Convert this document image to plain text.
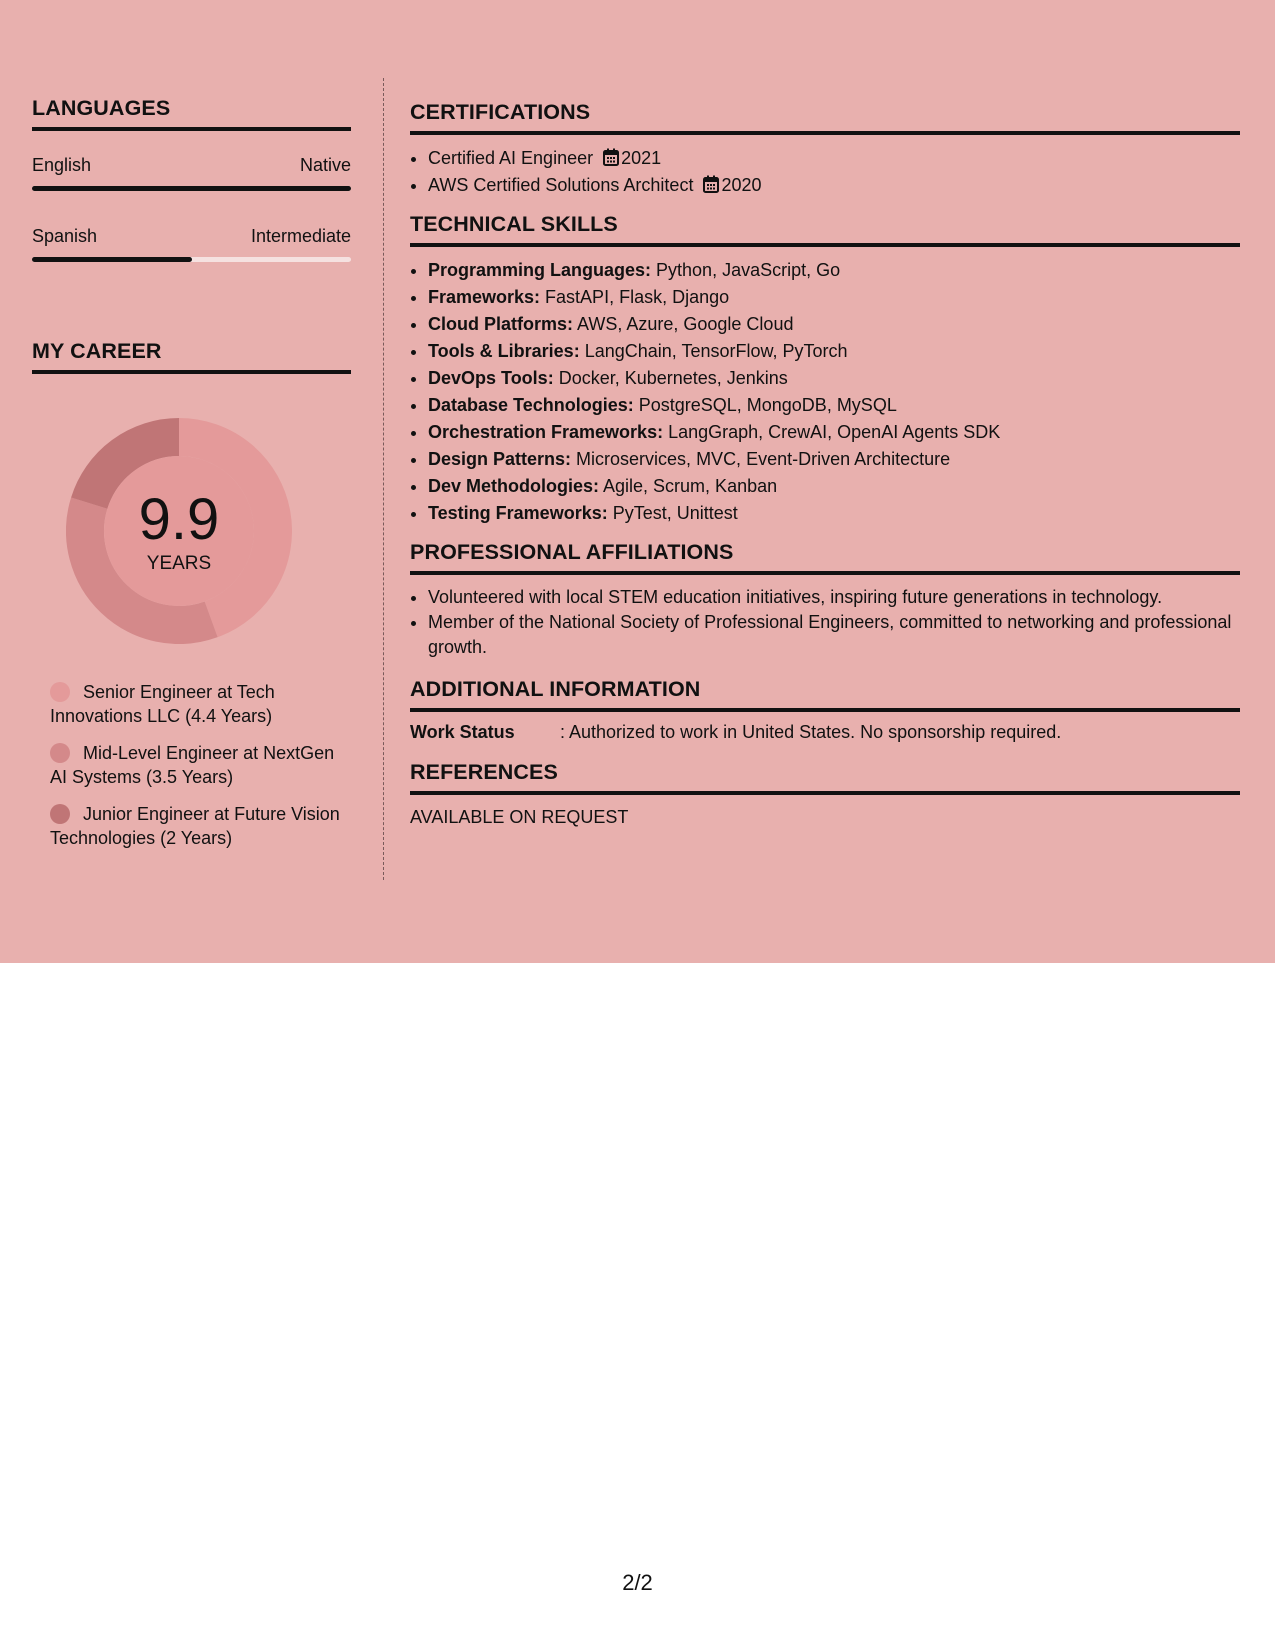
LANGUAGES
English	Native
Spanish	Intermediate
MY CAREER
9.9
YEARS
Senior Engineer at Tech Innovations LLC (4.4 Years)
Mid-Level Engineer at NextGen AI Systems (3.5 Years)
Junior Engineer at Future Vision Technologies (2 Years)
CERTIFICATIONS
• Certified AI Engineer 2021
• AWS Certified Solutions Architect 2020
TECHNICAL SKILLS
• Programming Languages: Python, JavaScript, Go
• Frameworks: FastAPI, Flask, Django
• Cloud Platforms: AWS, Azure, Google Cloud
• Tools & Libraries: LangChain, TensorFlow, PyTorch
• DevOps Tools: Docker, Kubernetes, Jenkins
• Database Technologies: PostgreSQL, MongoDB, MySQL
• Orchestration Frameworks: LangGraph, CrewAI, OpenAI Agents SDK
• Design Patterns: Microservices, MVC, Event-Driven Architecture
• Dev Methodologies: Agile, Scrum, Kanban
• Testing Frameworks: PyTest, Unittest
PROFESSIONAL AFFILIATIONS
• Volunteered with local STEM education initiatives, inspiring future generations in technology.
• Member of the National Society of Professional Engineers, committed to networking and professional growth.
ADDITIONAL INFORMATION
Work Status	: Authorized to work in United States. No sponsorship required.
REFERENCES
AVAILABLE ON REQUEST
2/2
